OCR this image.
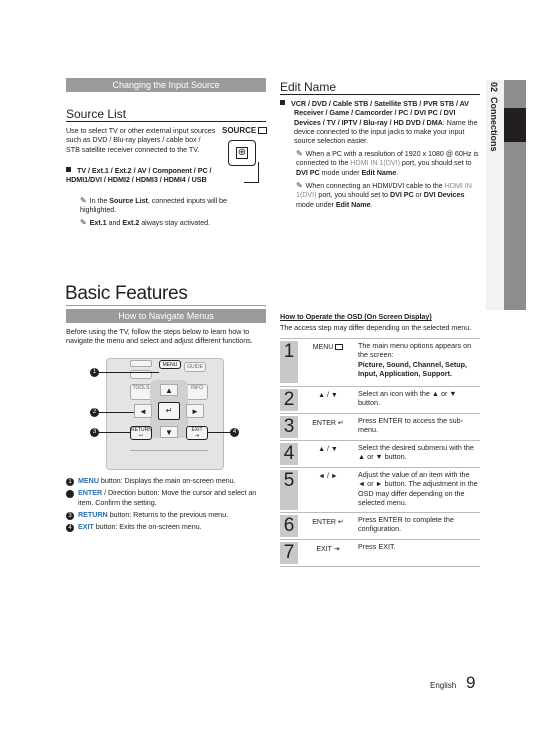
02  Connections
Changing the Input Source
Source List
Use to select TV or other external input sources such as DVD / Blu-ray players / cable box / STB satellite receiver connected to the TV.
SOURCE
⊕
TV / Ext.1 / Ext.2 / AV / Component / PC / HDMI1/DVI / HDMI2 / HDMI3 / HDMI4 / USB
✎ In the Source List, connected inputs will be highlighted.
✎ Ext.1 and Ext.2 always stay activated.
Edit Name
VCR / DVD / Cable STB / Satellite STB / PVR STB / AV Receiver / Game / Camcorder / PC / DVI PC / DVI Devices / TV / IPTV / Blu-ray / HD DVD / DMA: Name the device connected to the input jacks to make your input source selection easier.
✎ When a PC with a resolution of 1920 x 1080 @ 60Hz is connected to the HDMI IN 1(DVI) port, you should set to DVI PC mode under Edit Name.
✎ When connecting an HDMI/DVI cable to the HDMI IN 1(DVI) port, you should set to DVI PC or DVI Devices mode under Edit Name.
Basic Features
How to Navigate Menus
Before using the TV, follow the steps below to learn how to navigate the menu and select and adjust different functions.
MENU	GUIDE
TOOLS	INFO
▲
◄	↵	►
▼
RETURN
↩
EXIT
⇥
1
2
3	4
1 MENU button: Displays the main on-screen menu.
2 ENTER / Direction button: Move the cursor and select an item. Confirm the setting.
3 RETURN button: Returns to the previous menu.
4 EXIT button: Exits the on-screen menu.
How to Operate the OSD (On Screen Display)
The access step may differ depending on the selected menu.
1	MENU	The main menu options appears on the screen:
Picture, Sound, Channel, Setup, Input, Application, Support.
2	▲ / ▼	Select an icon with the ▲ or ▼ button.
3	ENTER ↵	Press ENTER to access the sub-menu.
4	▲ / ▼	Select the desired submenu with the ▲ or ▼ button.
5	◄ / ►	Adjust the value of an item with the ◄ or ► button. The adjustment in the OSD may differ depending on the selected menu.
6	ENTER ↵	Press ENTER to complete the configuration.
7	EXIT ⇥	Press EXIT.
English 9
